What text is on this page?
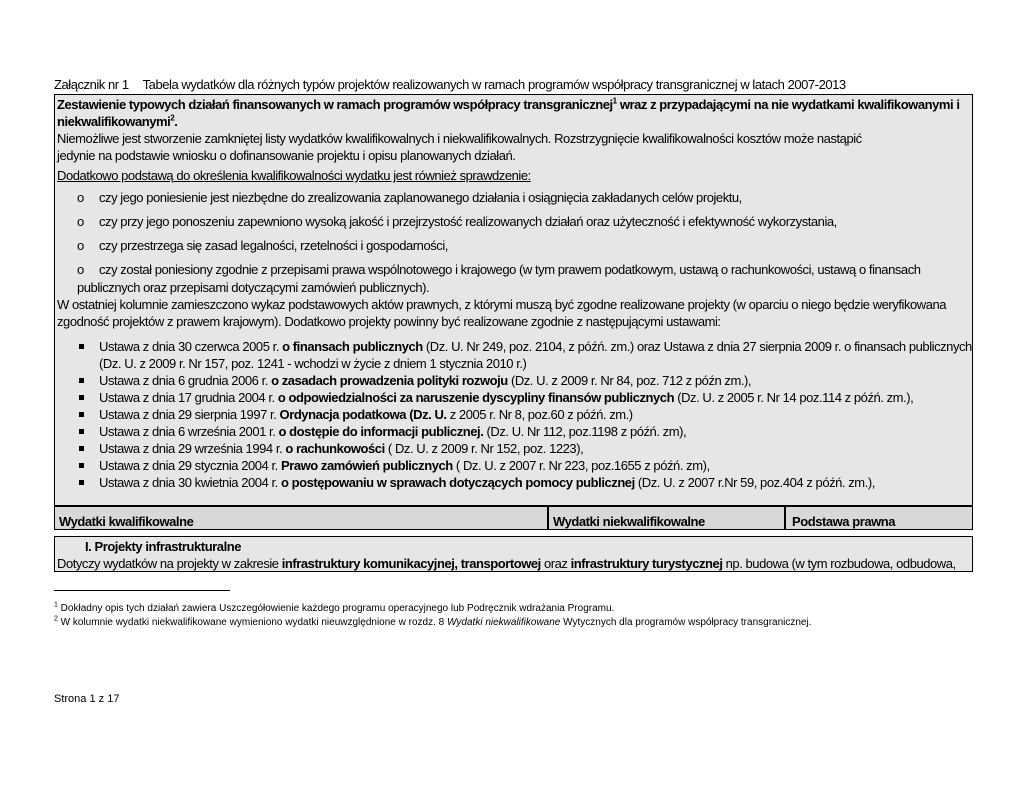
Załącznik nr 1 Tabela wydatków dla różnych typów projektów realizowanych w ramach programów współpracy transgranicznej w latach 2007-2013
Zestawienie typowych działań finansowanych w ramach programów współpracy transgranicznej$^1$ wraz z przypadającymi na nie wydatkami kwalifikowanymi i
niekwalifikowanymi$^2$.
Niemożliwe jest stworzenie zamkniętej listy wydatków kwalifikowalnych i niekwalifikowalnych. Rozstrzygnięcie kwalifikowalności kosztów może nastąpić
jedynie na podstawie wniosku o dofinansowanie projektu i opisu planowanych działań.
Dodatkowo podstawą do określenia kwalifikowalności wydatku jest również sprawdzenie:
o czy jego poniesienie jest niezbędne do zrealizowania zaplanowanego działania i osiągnięcia zakładanych celów projektu,
o czy przy jego ponoszeniu zapewniono wysoką jakość i przejrzystość realizowanych działań oraz użyteczność i efektywność wykorzystania,
o czy przestrzega się zasad legalności, rzetelności i gospodarności,
o czy został poniesiony zgodnie z przepisami prawa wspólnotowego i krajowego (w tym prawem podatkowym, ustawą o rachunkowości, ustawą o finansach
publicznych oraz przepisami dotyczącymi zamówień publicznych).
W ostatniej kolumnie zamieszczono wykaz podstawowych aktów prawnych, z którymi muszą być zgodne realizowane projekty (w oparciu o niego będzie weryfikowana
zgodność projektów z prawem krajowym). Dodatkowo projekty powinny być realizowane zgodnie z następującymi ustawami:
Ustawa z dnia 30 czerwca 2005 r. o finansach publicznych (Dz. U. Nr 249, poz. 2104, z późń. zm.) oraz Ustawa z dnia 27 sierpnia 2009 r. o finansach publicznych
(Dz. U. z 2009 r. Nr 157, poz. 1241 - wchodzi w życie z dniem 1 stycznia 2010 r.)
Ustawa z dnia 6 grudnia 2006 r. o zasadach prowadzenia polityki rozwoju (Dz. U. z 2009 r. Nr 84, poz. 712 z późn zm.),
Ustawa z dnia 17 grudnia 2004 r. o odpowiedzialności za naruszenie dyscypliny finansów publicznych (Dz. U. z 2005 r. Nr 14 poz.114 z późń. zm.),
Ustawa z dnia 29 sierpnia 1997 r. Ordynacja podatkowa (Dz. U. z 2005 r. Nr 8, poz.60 z późń. zm.)
Ustawa z dnia 6 września 2001 r. o dostępie do informacji publicznej. (Dz. U. Nr 112, poz.1198 z późń. zm),
Ustawa z dnia 29 września 1994 r. o rachunkowości ( Dz. U. z 2009 r. Nr 152, poz. 1223),
Ustawa z dnia 29 stycznia 2004 r. Prawo zamówień publicznych ( Dz. U. z 2007 r. Nr 223, poz.1655 z późń. zm),
Ustawa z dnia 30 kwietnia 2004 r. o postępowaniu w sprawach dotyczących pomocy publicznej (Dz. U. z 2007 r.Nr 59, poz.404 z późń. zm.),
Wydatki kwalifikowalne	Wydatki niekwalifikowalne	Podstawa prawna
I. Projekty infrastrukturalne
Dotyczy wydatków na projekty w zakresie infrastruktury komunikacyjnej, transportowej oraz infrastruktury turystycznej np. budowa (w tym rozbudowa, odbudowa,
$^1$ Dokładny opis tych działań zawiera Uszczegółowienie każdego programu operacyjnego lub Podręcznik wdrażania Programu.
$^2$ W kolumnie wydatki niekwalifikowane wymieniono wydatki nieuwzględnione w rozdz. 8 Wydatki niekwalifikowane Wytycznych dla programów współpracy transgranicznej.
Strona 1 z 17
